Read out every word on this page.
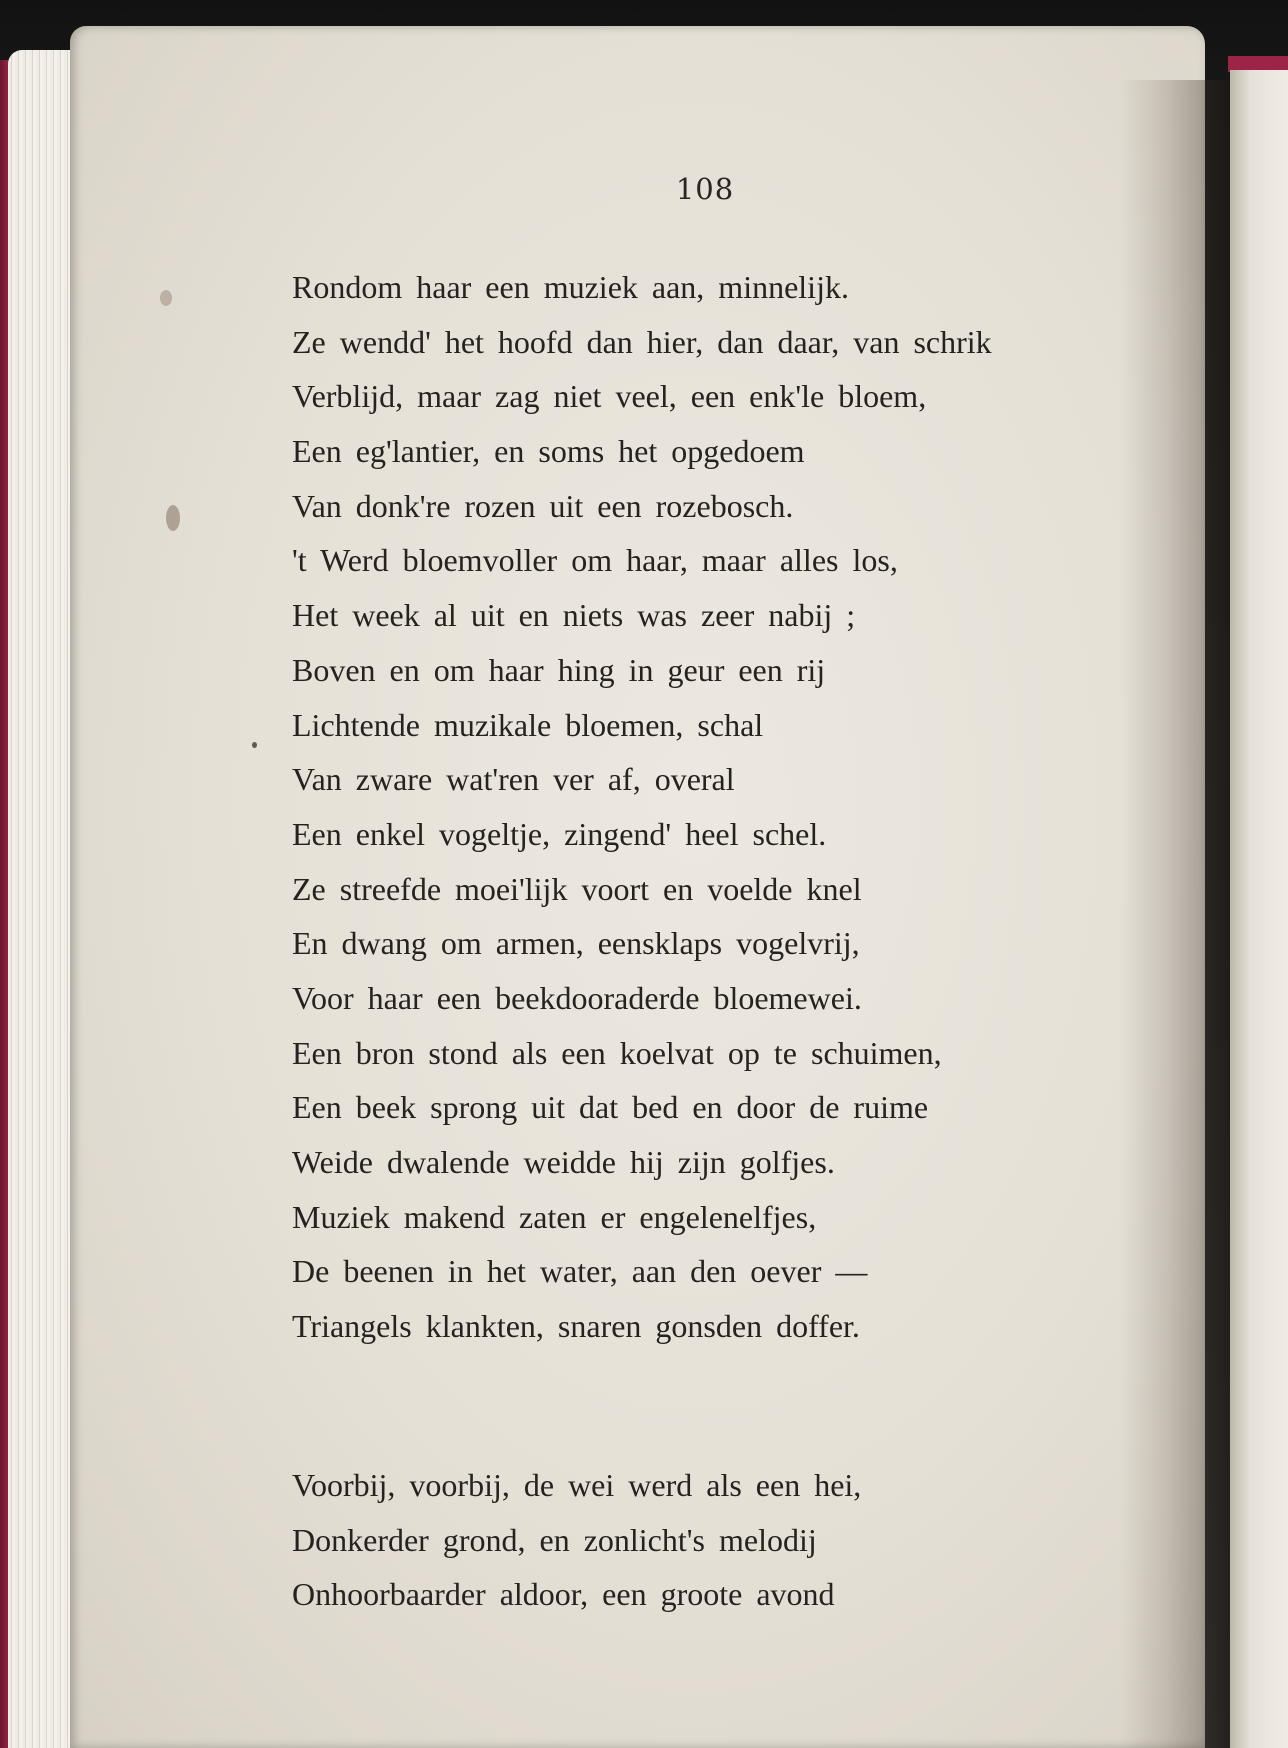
108
Rondom haar een muziek aan, minnelijk.
Ze wendd' het hoofd dan hier, dan daar, van schrik
Verblijd, maar zag niet veel, een enk'le bloem,
Een eg'lantier, en soms het opgedoem
Van donk're rozen uit een rozebosch.
't Werd bloemvoller om haar, maar alles los,
Het week al uit en niets was zeer nabij ;
Boven en om haar hing in geur een rij
Lichtende muzikale bloemen, schal
Van zware wat'ren ver af, overal
Een enkel vogeltje, zingend' heel schel.
Ze streefde moei'lijk voort en voelde knel
En dwang om armen, eensklaps vogelvrij,
Voor haar een beekdooraderde bloemewei.
Een bron stond als een koelvat op te schuimen,
Een beek sprong uit dat bed en door de ruime
Weide dwalende weidde hij zijn golfjes.
Muziek makend zaten er engelenelfjes,
De beenen in het water, aan den oever —
Triangels klankten, snaren gonsden doffer.
Voorbij, voorbij, de wei werd als een hei,
Donkerder grond, en zonlicht's melodij
Onhoorbaarder aldoor, een groote avond
